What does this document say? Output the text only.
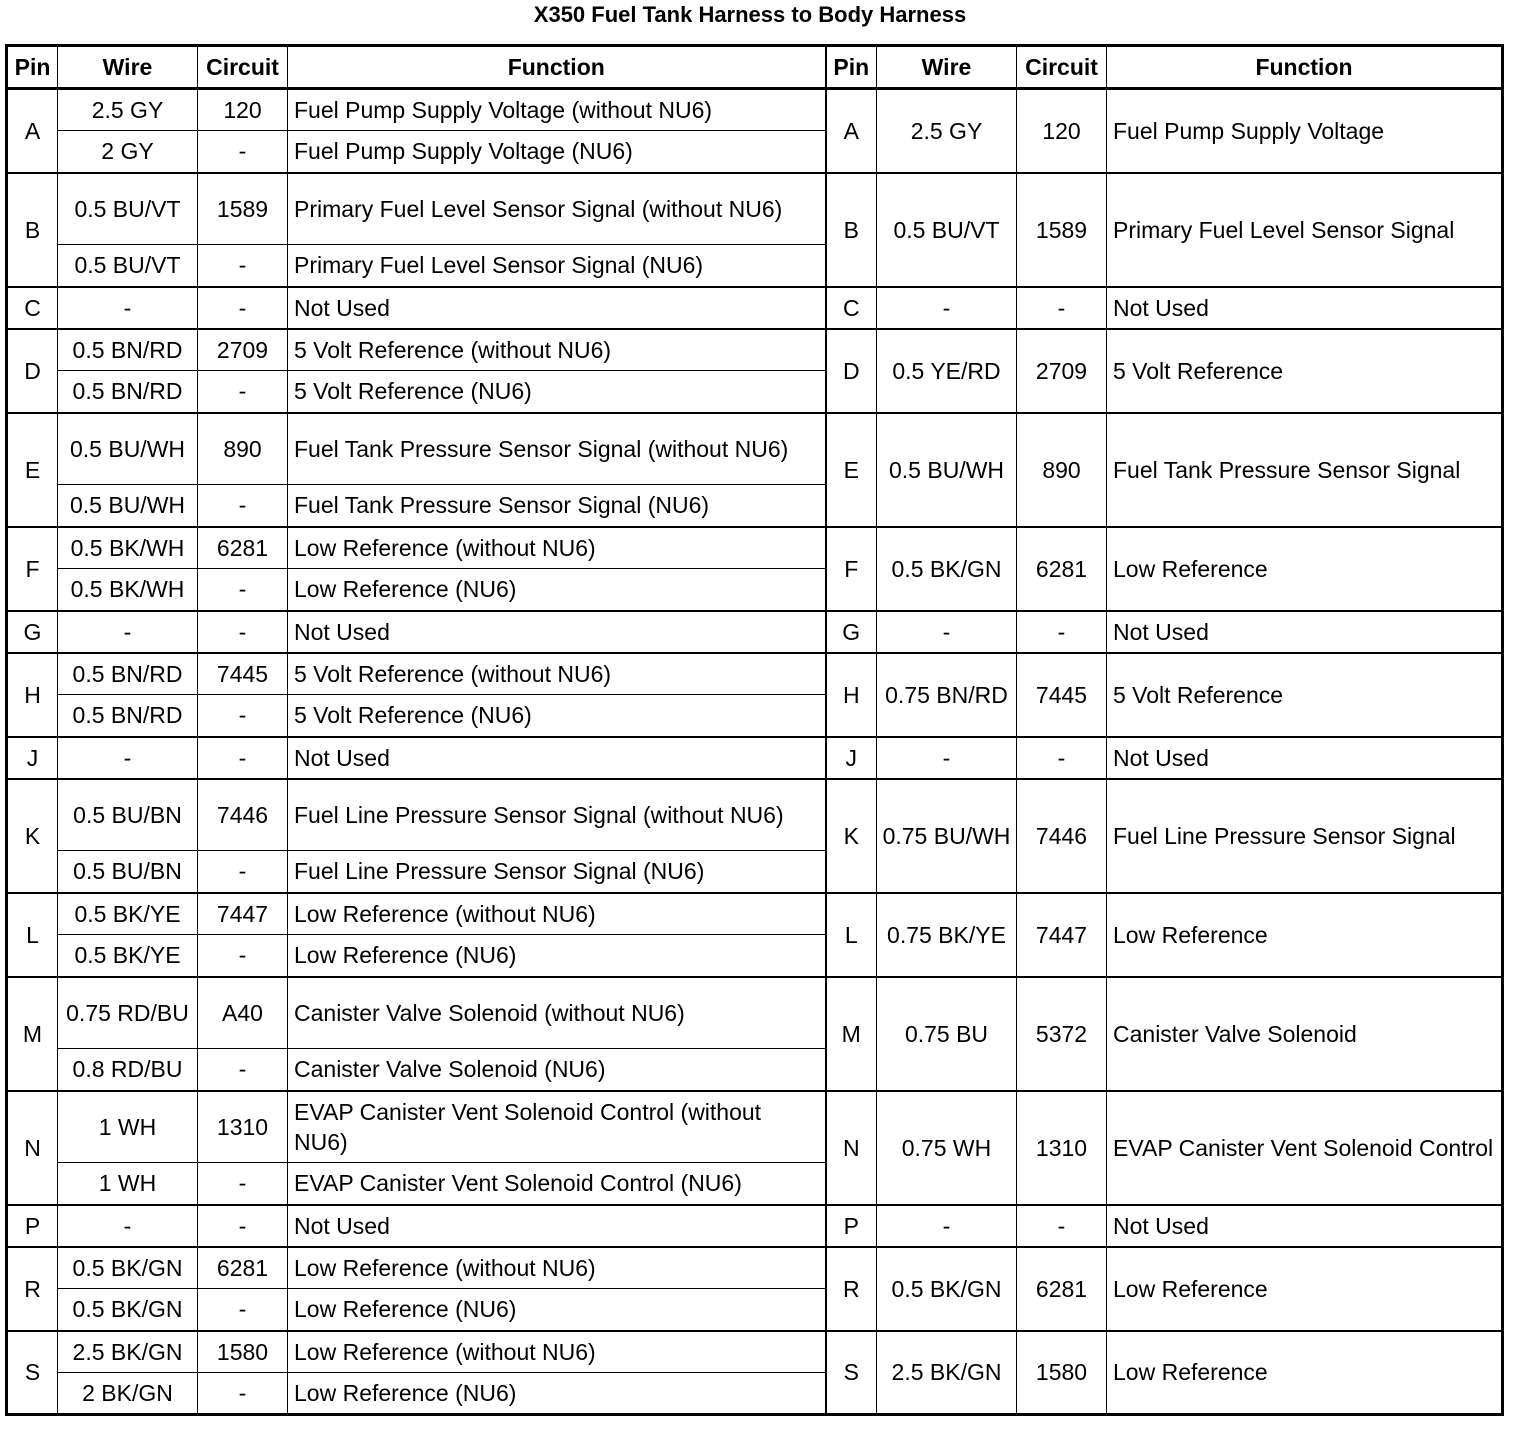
X350 Fuel Tank Harness to Body Harness
Pin	Wire	Circuit	Function	Pin	Wire	Circuit	Function
A	2.5 GY	120	Fuel Pump Supply Voltage (without NU6)	A	2.5 GY	120	Fuel Pump Supply Voltage
	2 GY	-	Fuel Pump Supply Voltage (NU6)				
B	0.5 BU/VT	1589	Primary Fuel Level Sensor Signal (without NU6)	B	0.5 BU/VT	1589	Primary Fuel Level Sensor Signal
	0.5 BU/VT	-	Primary Fuel Level Sensor Signal (NU6)				
C	-	-	Not Used	C	-	-	Not Used
D	0.5 BN/RD	2709	5 Volt Reference (without NU6)	D	0.5 YE/RD	2709	5 Volt Reference
	0.5 BN/RD	-	5 Volt Reference (NU6)				
E	0.5 BU/WH	890	Fuel Tank Pressure Sensor Signal (without NU6)	E	0.5 BU/WH	890	Fuel Tank Pressure Sensor Signal
	0.5 BU/WH	-	Fuel Tank Pressure Sensor Signal (NU6)				
F	0.5 BK/WH	6281	Low Reference (without NU6)	F	0.5 BK/GN	6281	Low Reference
	0.5 BK/WH	-	Low Reference (NU6)				
G	-	-	Not Used	G	-	-	Not Used
H	0.5 BN/RD	7445	5 Volt Reference (without NU6)	H	0.75 BN/RD	7445	5 Volt Reference
	0.5 BN/RD	-	5 Volt Reference (NU6)				
J	-	-	Not Used	J	-	-	Not Used
K	0.5 BU/BN	7446	Fuel Line Pressure Sensor Signal (without NU6)	K	0.75 BU/WH	7446	Fuel Line Pressure Sensor Signal
	0.5 BU/BN	-	Fuel Line Pressure Sensor Signal (NU6)				
L	0.5 BK/YE	7447	Low Reference (without NU6)	L	0.75 BK/YE	7447	Low Reference
	0.5 BK/YE	-	Low Reference (NU6)				
M	0.75 RD/BU	A40	Canister Valve Solenoid (without NU6)	M	0.75 BU	5372	Canister Valve Solenoid
	0.8 RD/BU	-	Canister Valve Solenoid (NU6)				
N	1 WH	1310	EVAP Canister Vent Solenoid Control (without NU6)	N	0.75 WH	1310	EVAP Canister Vent Solenoid Control
	1 WH	-	EVAP Canister Vent Solenoid Control (NU6)				
P	-	-	Not Used	P	-	-	Not Used
R	0.5 BK/GN	6281	Low Reference (without NU6)	R	0.5 BK/GN	6281	Low Reference
	0.5 BK/GN	-	Low Reference (NU6)				
S	2.5 BK/GN	1580	Low Reference (without NU6)	S	2.5 BK/GN	1580	Low Reference
	2 BK/GN	-	Low Reference (NU6)				
